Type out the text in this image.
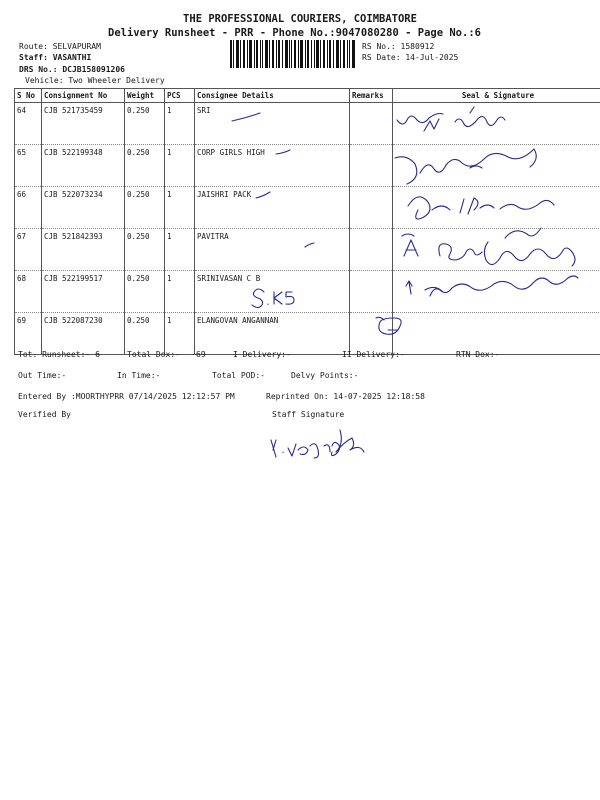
THE PROFESSIONAL COURIERS, COIMBATORE
Delivery Runsheet - PRR - Phone No.:9047080280 - Page No.:6
Route: SELVAPURAM
Staff: VASANTHI
DRS No.: DCJB158091206
Vehicle: Two Wheeler Delivery
RS No.: 1580912
RS Date: 14-Jul-2025
S No	Consignment No	Weight	PCS	Consignee Details	Remarks	Seal & Signature
64	CJB 521735459	0.250	1	SRI		
65	CJB 522199348	0.250	1	CORP GIRLS HIGH		
66	CJB 522073234	0.250	1	JAISHRI PACK		
67	CJB 521842393	0.250	1	PAVITRA		
68	CJB 522199517	0.250	1	SRINIVASAN C B		
69	CJB 522087230	0.250	1	ELANGOVAN ANGANNAN		
Tot. Runsheet:- 6	Total Dox:- 69	I Delivery:-	II Delivery:-	RTN Dox:-
Out Time:-	In Time:-	Total POD:-	Delvy Points:-
Entered By :MOORTHYPRR 07/14/2025 12:12:57 PM	Reprinted On: 14-07-2025 12:18:58
Verified By	Staff Signature
